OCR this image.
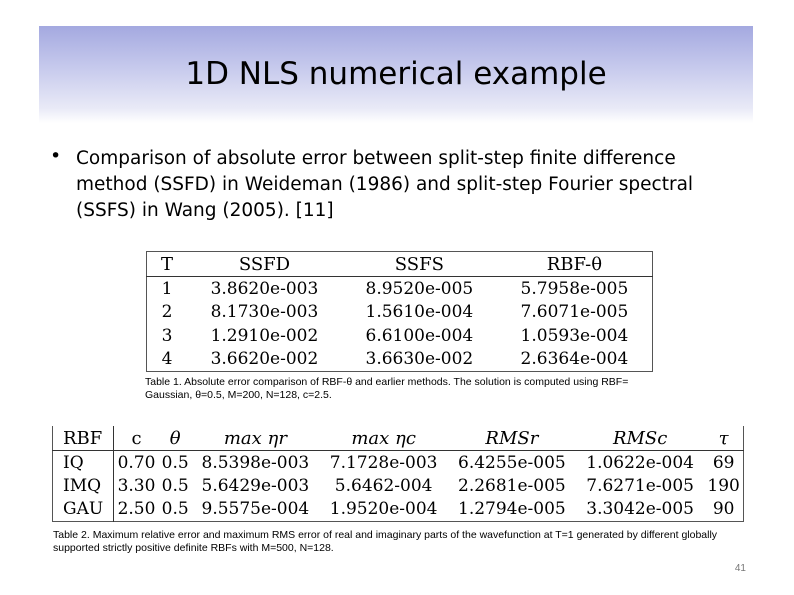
1D NLS numerical example
• Comparison of absolute error between split-step finite difference method (SSFD) in Weideman (1986) and split-step Fourier spectral (SSFS) in Wang (2005). [11]
T	SSFD	SSFS	RBF-θ
1	3.8620e-003	8.9520e-005	5.7958e-005
2	8.1730e-003	1.5610e-004	7.6071e-005
3	1.2910e-002	6.6100e-004	1.0593e-004
4	3.6620e-002	3.6630e-002	2.6364e-004
Table 1. Absolute error comparison of RBF-θ and earlier methods. The solution is computed using RBF= Gaussian, θ=0.5, M=200, N=128, c=2.5.
RBF	c	θ	max ηr	max ηc	RMSr	RMSc	τ
IQ	0.70	0.5	8.5398e-003	7.1728e-003	6.4255e-005	1.0622e-004	69
IMQ	3.30	0.5	5.6429e-003	5.6462-004	2.2681e-005	7.6271e-005	190
GAU	2.50	0.5	9.5575e-004	1.9520e-004	1.2794e-005	3.3042e-005	90
Table 2. Maximum relative error and maximum RMS error of real and imaginary parts of the wavefunction at T=1 generated by different globally supported strictly positive definite RBFs with M=500, N=128.
41
